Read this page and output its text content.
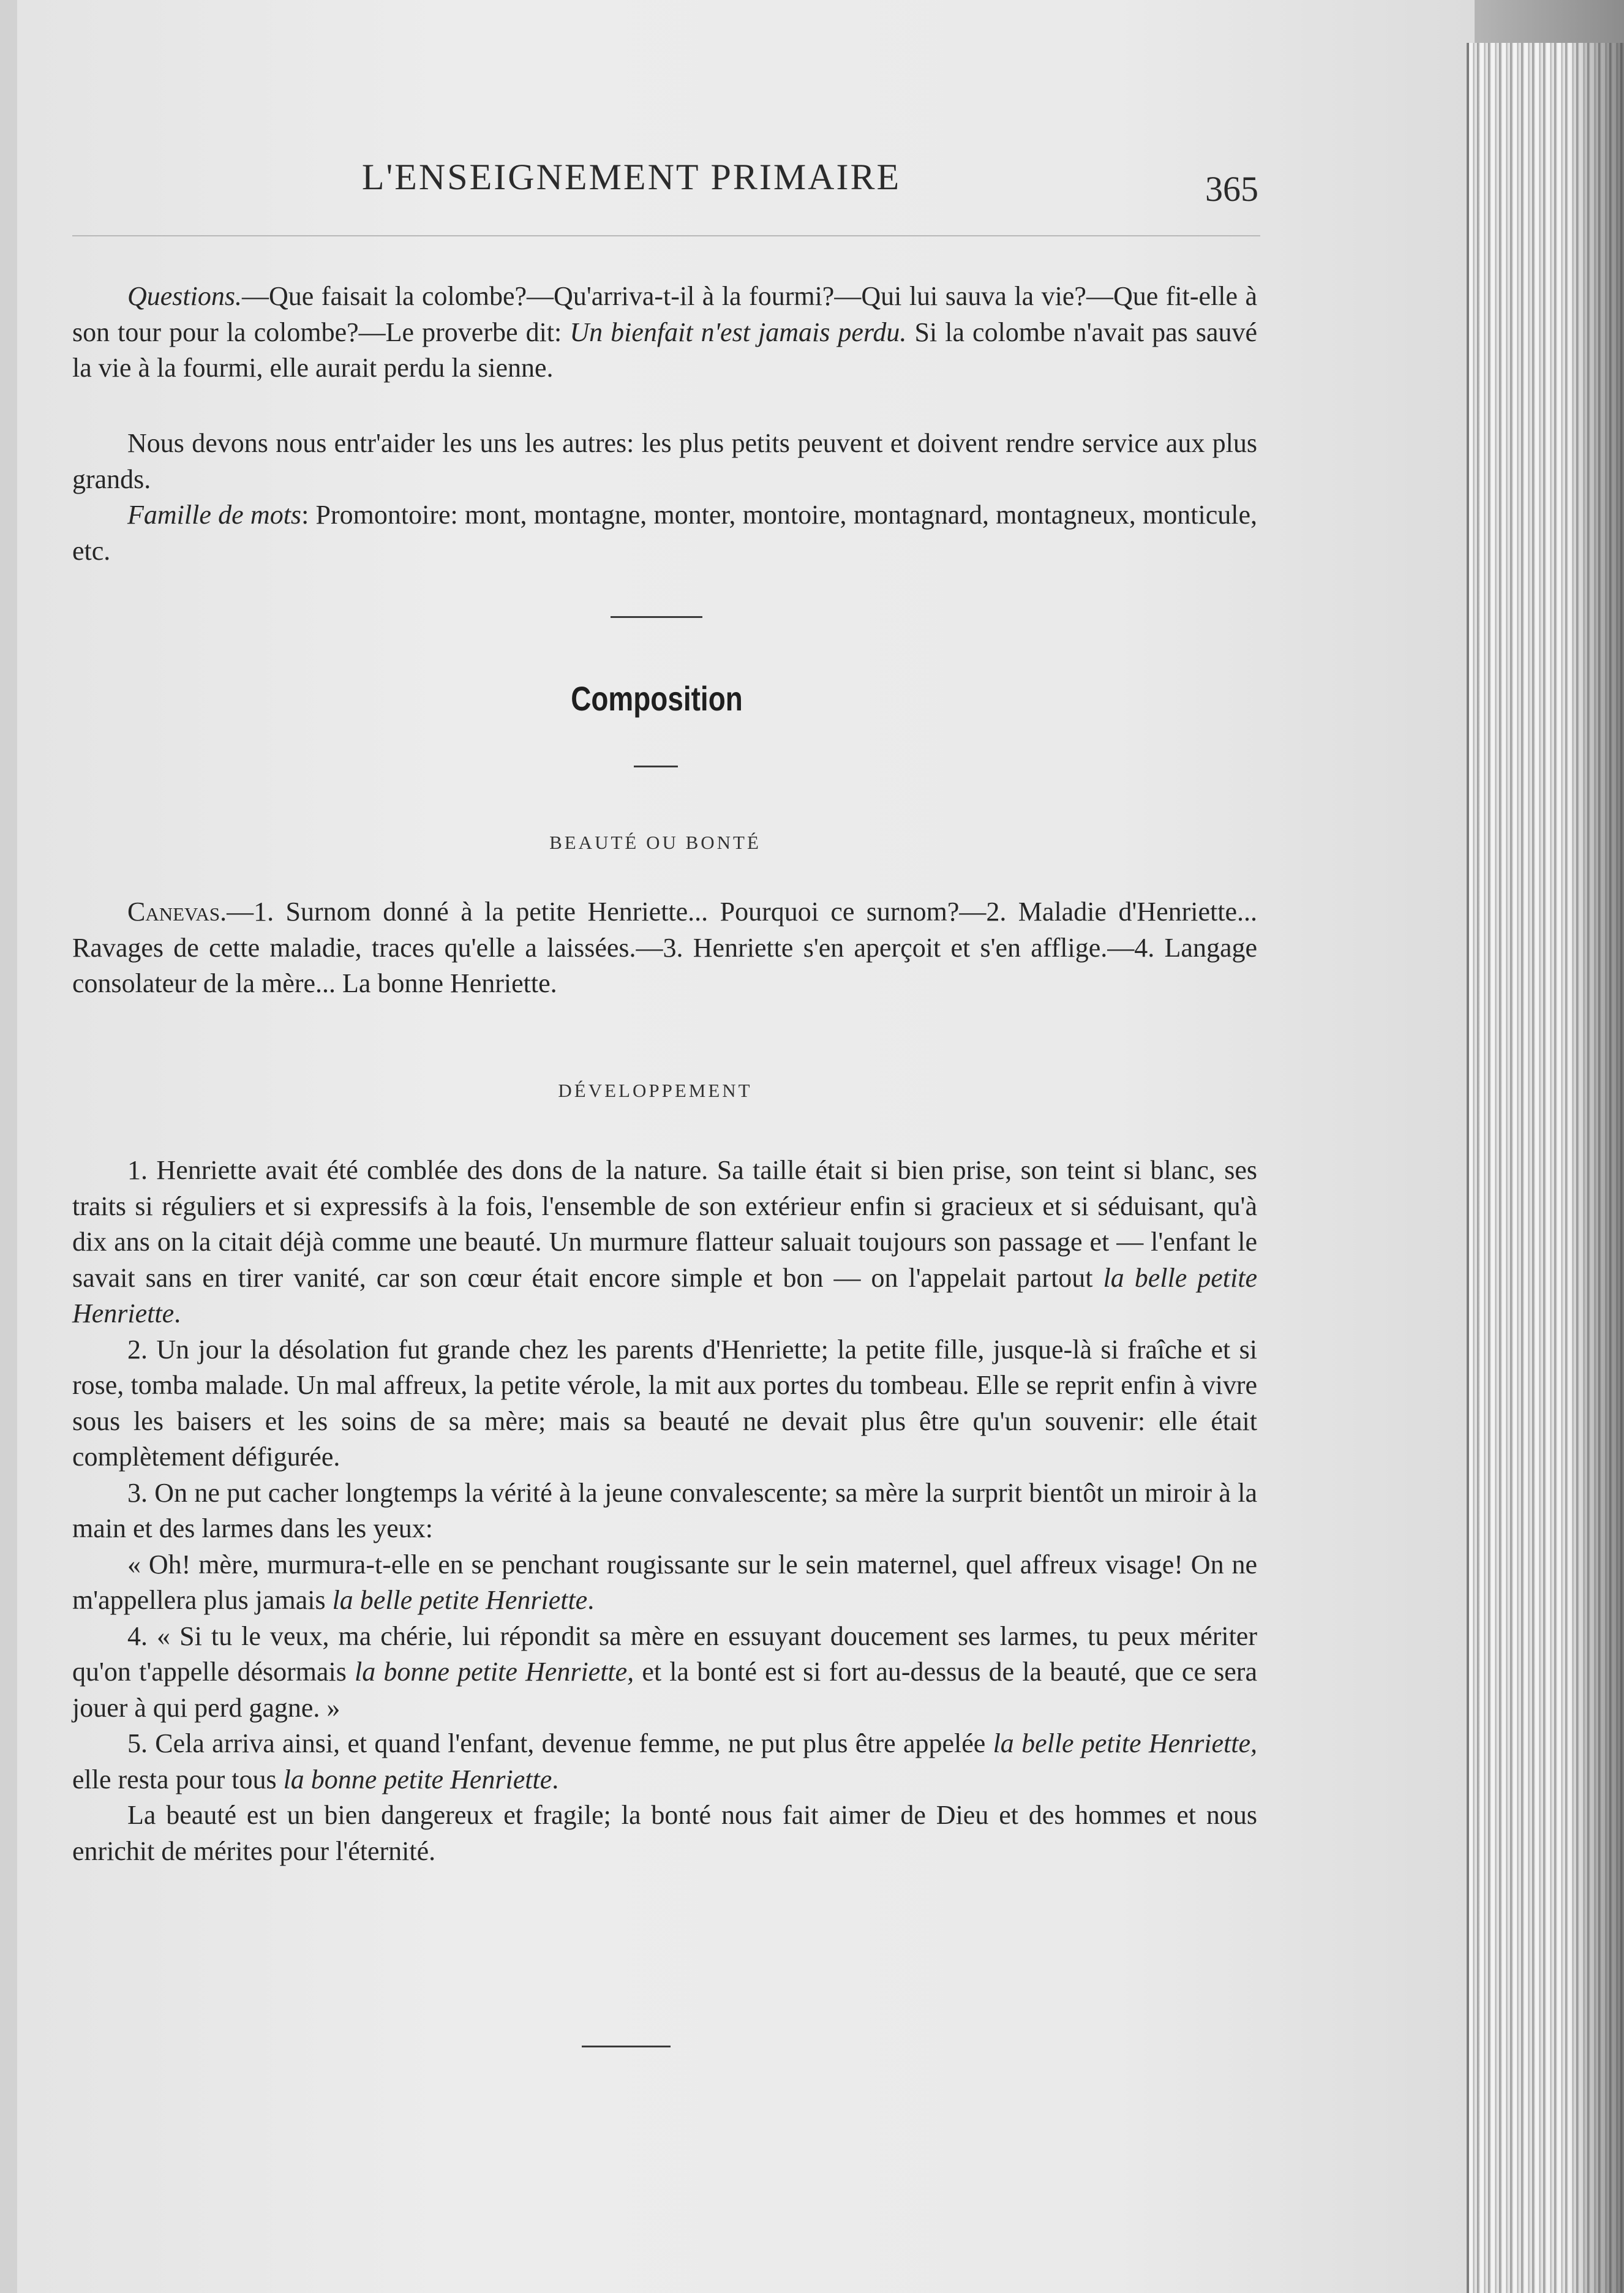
L'ENSEIGNEMENT PRIMAIRE	365

Questions.—Que faisait la colombe?—Qu'arriva-t-il à la fourmi?—Qui lui sauva la vie?—Que fit-elle à son tour pour la colombe?—Le proverbe dit: Un bienfait n'est jamais perdu. Si la colombe n'avait pas sauvé la vie à la fourmi, elle aurait perdu la sienne.

Nous devons nous entr'aider les uns les autres: les plus petits peuvent et doivent rendre service aux plus grands.

Famille de mots: Promontoire: mont, montagne, monter, montoire, montagnard, montagneux, monticule, etc.

Composition
BEAUTÉ OU BONTÉ

Canevas.—1. Surnom donné à la petite Henriette... Pourquoi ce surnom?—2. Maladie d'Henriette... Ravages de cette maladie, traces qu'elle a laissées.—3. Henriette s'en aperçoit et s'en afflige.—4. Langage consolateur de la mère... La bonne Henriette.

DÉVELOPPEMENT

1. Henriette avait été comblée des dons de la nature. Sa taille était si bien prise, son teint si blanc, ses traits si réguliers et si expressifs à la fois, l'ensemble de son extérieur enfin si gracieux et si séduisant, qu'à dix ans on la citait déjà comme une beauté. Un murmure flatteur saluait toujours son passage et — l'enfant le savait sans en tirer vanité, car son cœur était encore simple et bon — on l'appelait partout la belle petite Henriette.

2. Un jour la désolation fut grande chez les parents d'Henriette; la petite fille, jusque-là si fraîche et si rose, tomba malade. Un mal affreux, la petite vérole, la mit aux portes du tombeau. Elle se reprit enfin à vivre sous les baisers et les soins de sa mère; mais sa beauté ne devait plus être qu'un souvenir: elle était complètement défigurée.

3. On ne put cacher longtemps la vérité à la jeune convalescente; sa mère la surprit bientôt un miroir à la main et des larmes dans les yeux:

« Oh! mère, murmura-t-elle en se penchant rougissante sur le sein maternel, quel affreux visage! On ne m'appellera plus jamais la belle petite Henriette.

4. « Si tu le veux, ma chérie, lui répondit sa mère en essuyant doucement ses larmes, tu peux mériter qu'on t'appelle désormais la bonne petite Henriette, et la bonté est si fort au-dessus de la beauté, que ce sera jouer à qui perd gagne. »

5. Cela arriva ainsi, et quand l'enfant, devenue femme, ne put plus être appelée la belle petite Henriette, elle resta pour tous la bonne petite Henriette.

La beauté est un bien dangereux et fragile; la bonté nous fait aimer de Dieu et des hommes et nous enrichit de mérites pour l'éternité.
